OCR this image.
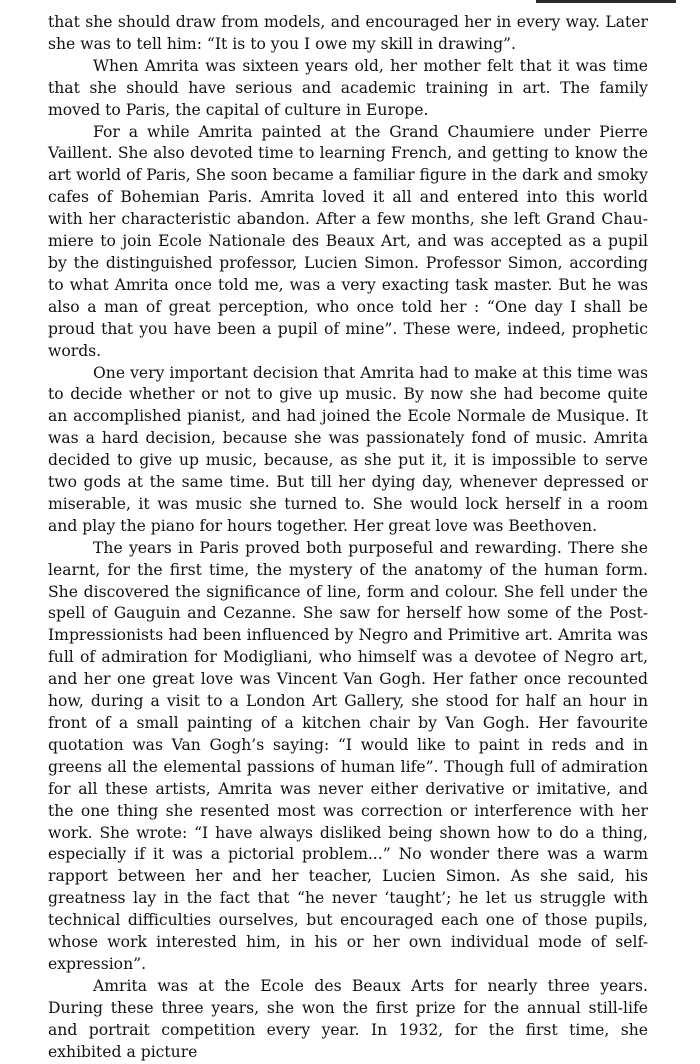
that she should draw from models, and encouraged her in every way. Later she was to tell him: “It is to you I owe my skill in drawing”.

When Amrita was sixteen years old, her mother felt that it was time that she should have serious and academic training in art. The family moved to Paris, the capital of culture in Europe.

For a while Amrita painted at the Grand Chaumiere under Pierre Vaillent. She also devoted time to learning French, and getting to know the art world of Paris, She soon became a familiar figure in the dark and smoky cafes of Bohemian Paris. Amrita loved it all and entered into this world with her characteristic abandon. After a few months, she left Grand Chaumiere to join Ecole Nationale des Beaux Art, and was accepted as a pupil by the distinguished professor, Lucien Simon. Professor Simon, according to what Amrita once told me, was a very exacting task master. But he was also a man of great perception, who once told her : “One day I shall be proud that you have been a pupil of mine”. These were, indeed, prophetic words.

One very important decision that Amrita had to make at this time was to decide whether or not to give up music. By now she had become quite an accomplished pianist, and had joined the Ecole Normale de Musique. It was a hard decision, because she was passionately fond of music. Amrita decided to give up music, because, as she put it, it is impossible to serve two gods at the same time. But till her dying day, whenever depressed or miserable, it was music she turned to. She would lock herself in a room and play the piano for hours together. Her great love was Beethoven.

The years in Paris proved both purposeful and rewarding. There she learnt, for the first time, the mystery of the anatomy of the human form. She discovered the significance of line, form and colour. She fell under the spell of Gauguin and Cezanne. She saw for herself how some of the Post-Impressionists had been influenced by Negro and Primitive art. Amrita was full of admiration for Modigliani, who himself was a devotee of Negro art, and her one great love was Vincent Van Gogh. Her father once recounted how, during a visit to a London Art Gallery, she stood for half an hour in front of a small painting of a kitchen chair by Van Gogh. Her favourite quotation was Van Gogh’s saying: “I would like to paint in reds and in greens all the elemental passions of human life”. Though full of admiration for all these artists, Amrita was never either derivative or imitative, and the one thing she resented most was correction or interference with her work. She wrote: “I have always disliked being shown how to do a thing, especially if it was a pictorial problem...” No wonder there was a warm rapport between her and her teacher, Lucien Simon. As she said, his greatness lay in the fact that “he never ‘taught’; he let us struggle with technical difficulties ourselves, but encouraged each one of those pupils, whose work interested him, in his or her own individual mode of self-expression”.

Amrita was at the Ecole des Beaux Arts for nearly three years. During these three years, she won the first prize for the annual still-life and portrait competition every year. In 1932, for the first time, she exhibited a picture
